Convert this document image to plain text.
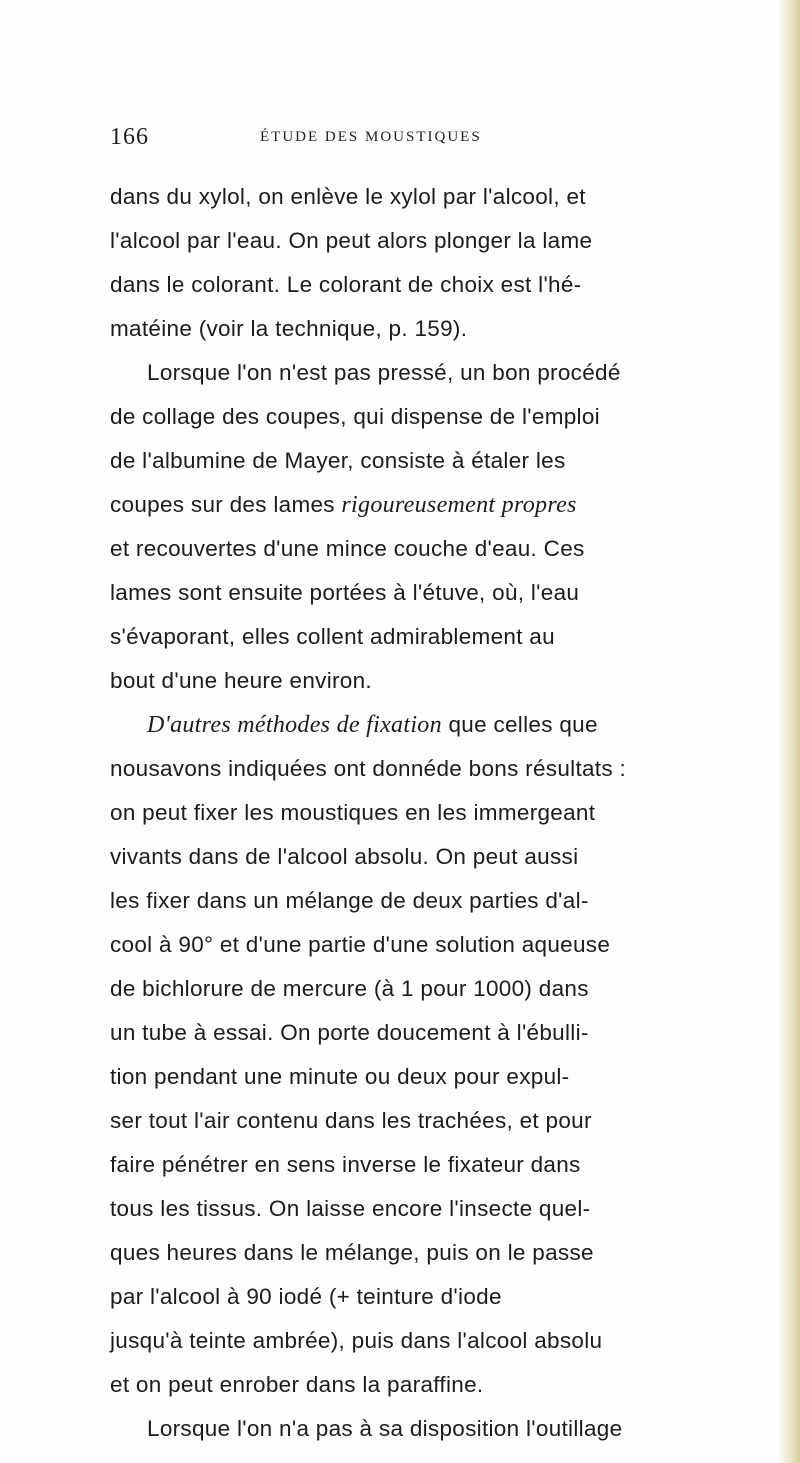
166	ÉTUDE DES MOUSTIQUES
dans du xylol, on enlève le xylol par l'alcool, et
l'alcool par l'eau. On peut alors plonger la lame
dans le colorant. Le colorant de choix est l'hé-
matéine (voir la technique, p. 159).
Lorsque l'on n'est pas pressé, un bon procédé
de collage des coupes, qui dispense de l'emploi
de l'albumine de Mayer, consiste à étaler les
coupes sur des lames rigoureusement propres
et recouvertes d'une mince couche d'eau. Ces
lames sont ensuite portées à l'étuve, où, l'eau
s'évaporant, elles collent admirablement au
bout d'une heure environ.
D'autres méthodes de fixation que celles que
nousavons indiquées ont donnéde bons résultats :
on peut fixer les moustiques en les immergeant
vivants dans de l'alcool absolu. On peut aussi
les fixer dans un mélange de deux parties d'al-
cool à 90° et d'une partie d'une solution aqueuse
de bichlorure de mercure (à 1 pour 1000) dans
un tube à essai. On porte doucement à l'ébulli-
tion pendant une minute ou deux pour expul-
ser tout l'air contenu dans les trachées, et pour
faire pénétrer en sens inverse le fixateur dans
tous les tissus. On laisse encore l'insecte quel-
ques heures dans le mélange, puis on le passe
par l'alcool à 90 iodé (+ teinture d'iode
jusqu'à teinte ambrée), puis dans l'alcool absolu
et on peut enrober dans la paraffine.
Lorsque l'on n'a pas à sa disposition l'outillage
